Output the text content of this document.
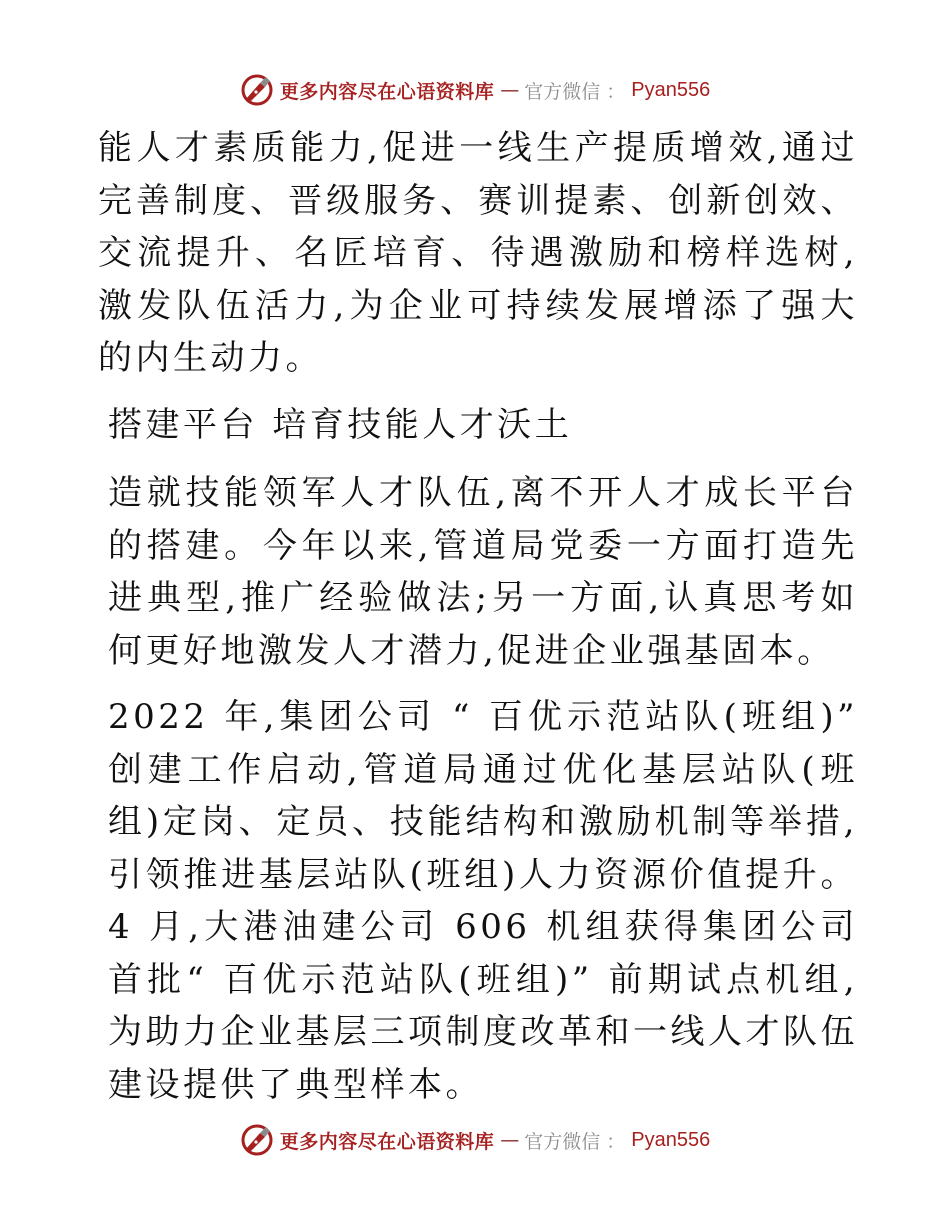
更多内容尽在心语资料库 — 官方微信 ： Pyan556

能人才素质能力,促进一线生产提质增效,通过完善制度、晋级服务、赛训提素、创新创效、交流提升、名匠培育、待遇激励和榜样选树,激发队伍活力,为企业可持续发展增添了强大的内生动力。

搭建平台 培育技能人才沃土

造就技能领军人才队伍,离不开人才成长平台的搭建。今年以来,管道局党委一方面打造先进典型,推广经验做法;另一方面,认真思考如何更好地激发人才潜力,促进企业强基固本。

2022 年,集团公司 “ 百优示范站队(班组)” 创建工作启动,管道局通过优化基层站队(班组)定岗、定员、技能结构和激励机制等举措,引领推进基层站队(班组)人力资源价值提升。4 月,大港油建公司 606 机组获得集团公司首批“ 百优示范站队(班组)” 前期试点机组,为助力企业基层三项制度改革和一线人才队伍建设提供了典型样本。

更多内容尽在心语资料库 — 官方微信 ： Pyan556
